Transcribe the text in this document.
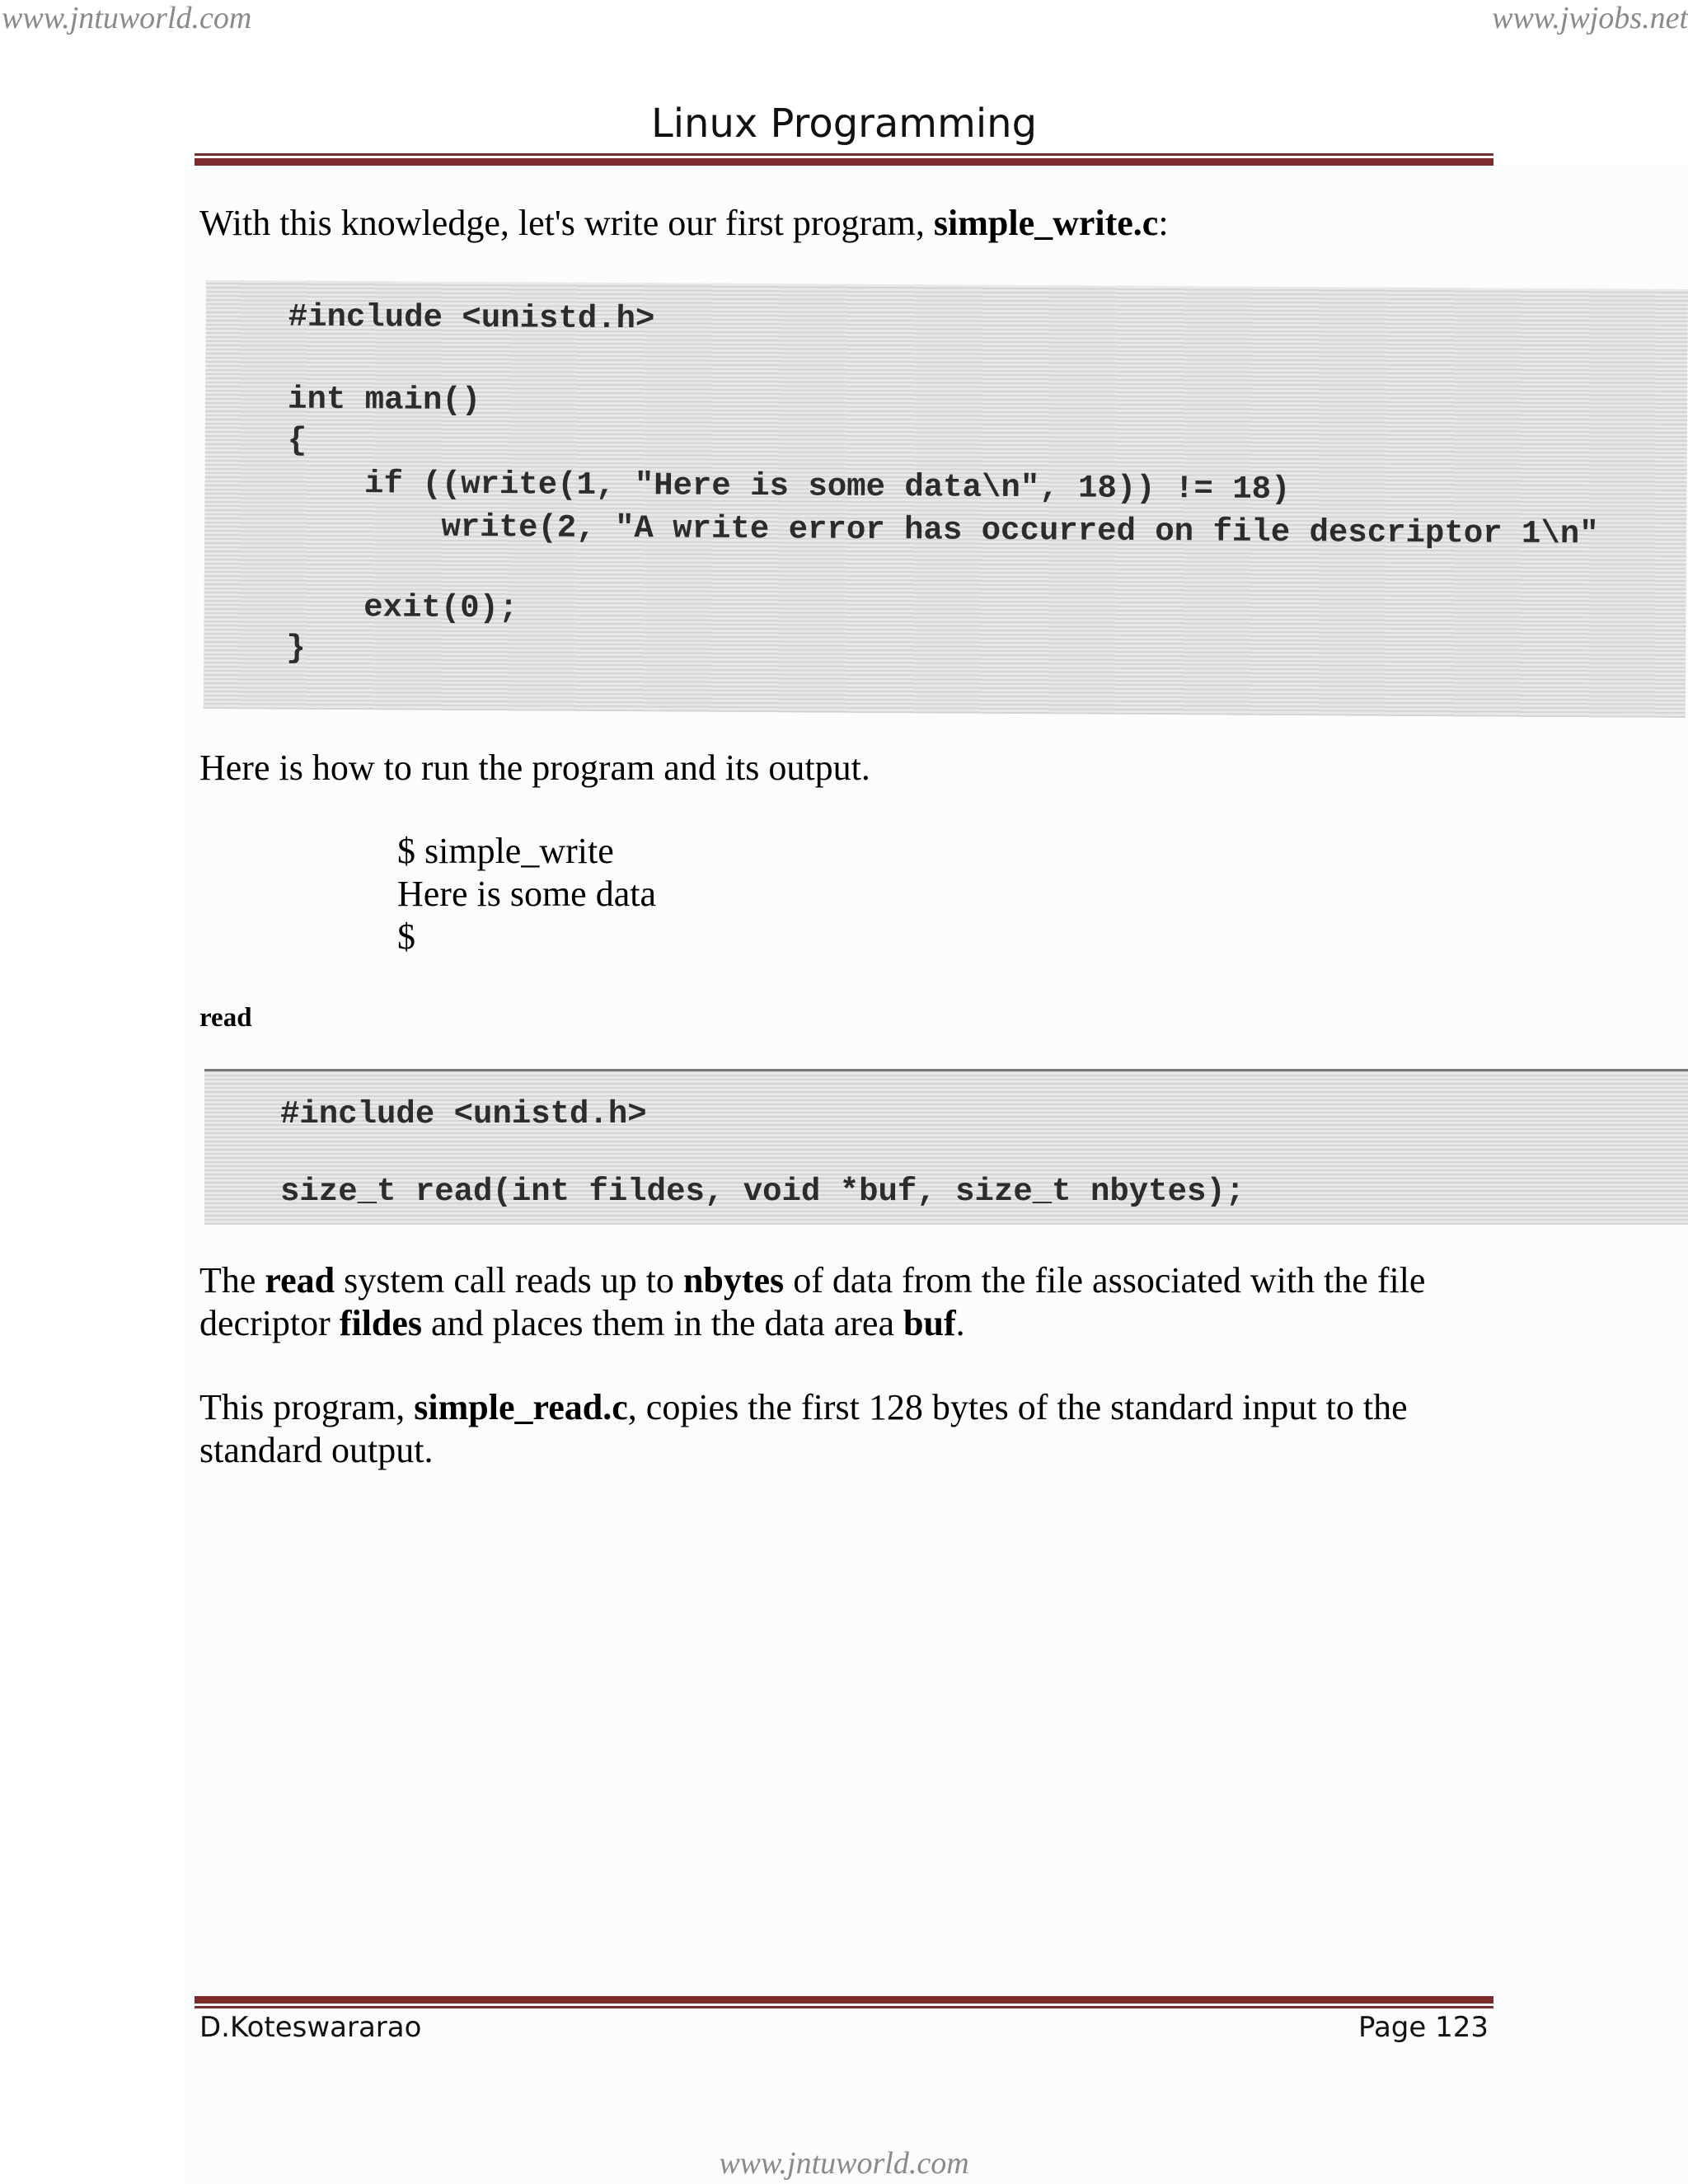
www.jntuworld.com	www.jwjobs.net
Linux Programming
With this knowledge, let's write our first program, simple_write.c:
#include <unistd.h>
int main()
{
if ((write(1, "Here is some data\n", 18)) != 18)
write(2, "A write error has occurred on file descriptor 1\n"
exit(0);
}
Here is how to run the program and its output.
$ simple_write
Here is some data
$
read
#include <unistd.h>
size_t read(int fildes, void *buf, size_t nbytes);
The read system call reads up to nbytes of data from the file associated with the file decriptor fildes and places them in the data area buf.
This program, simple_read.c, copies the first 128 bytes of the standard input to the standard output.
D.Koteswararao	Page 123
www.jntuworld.com
